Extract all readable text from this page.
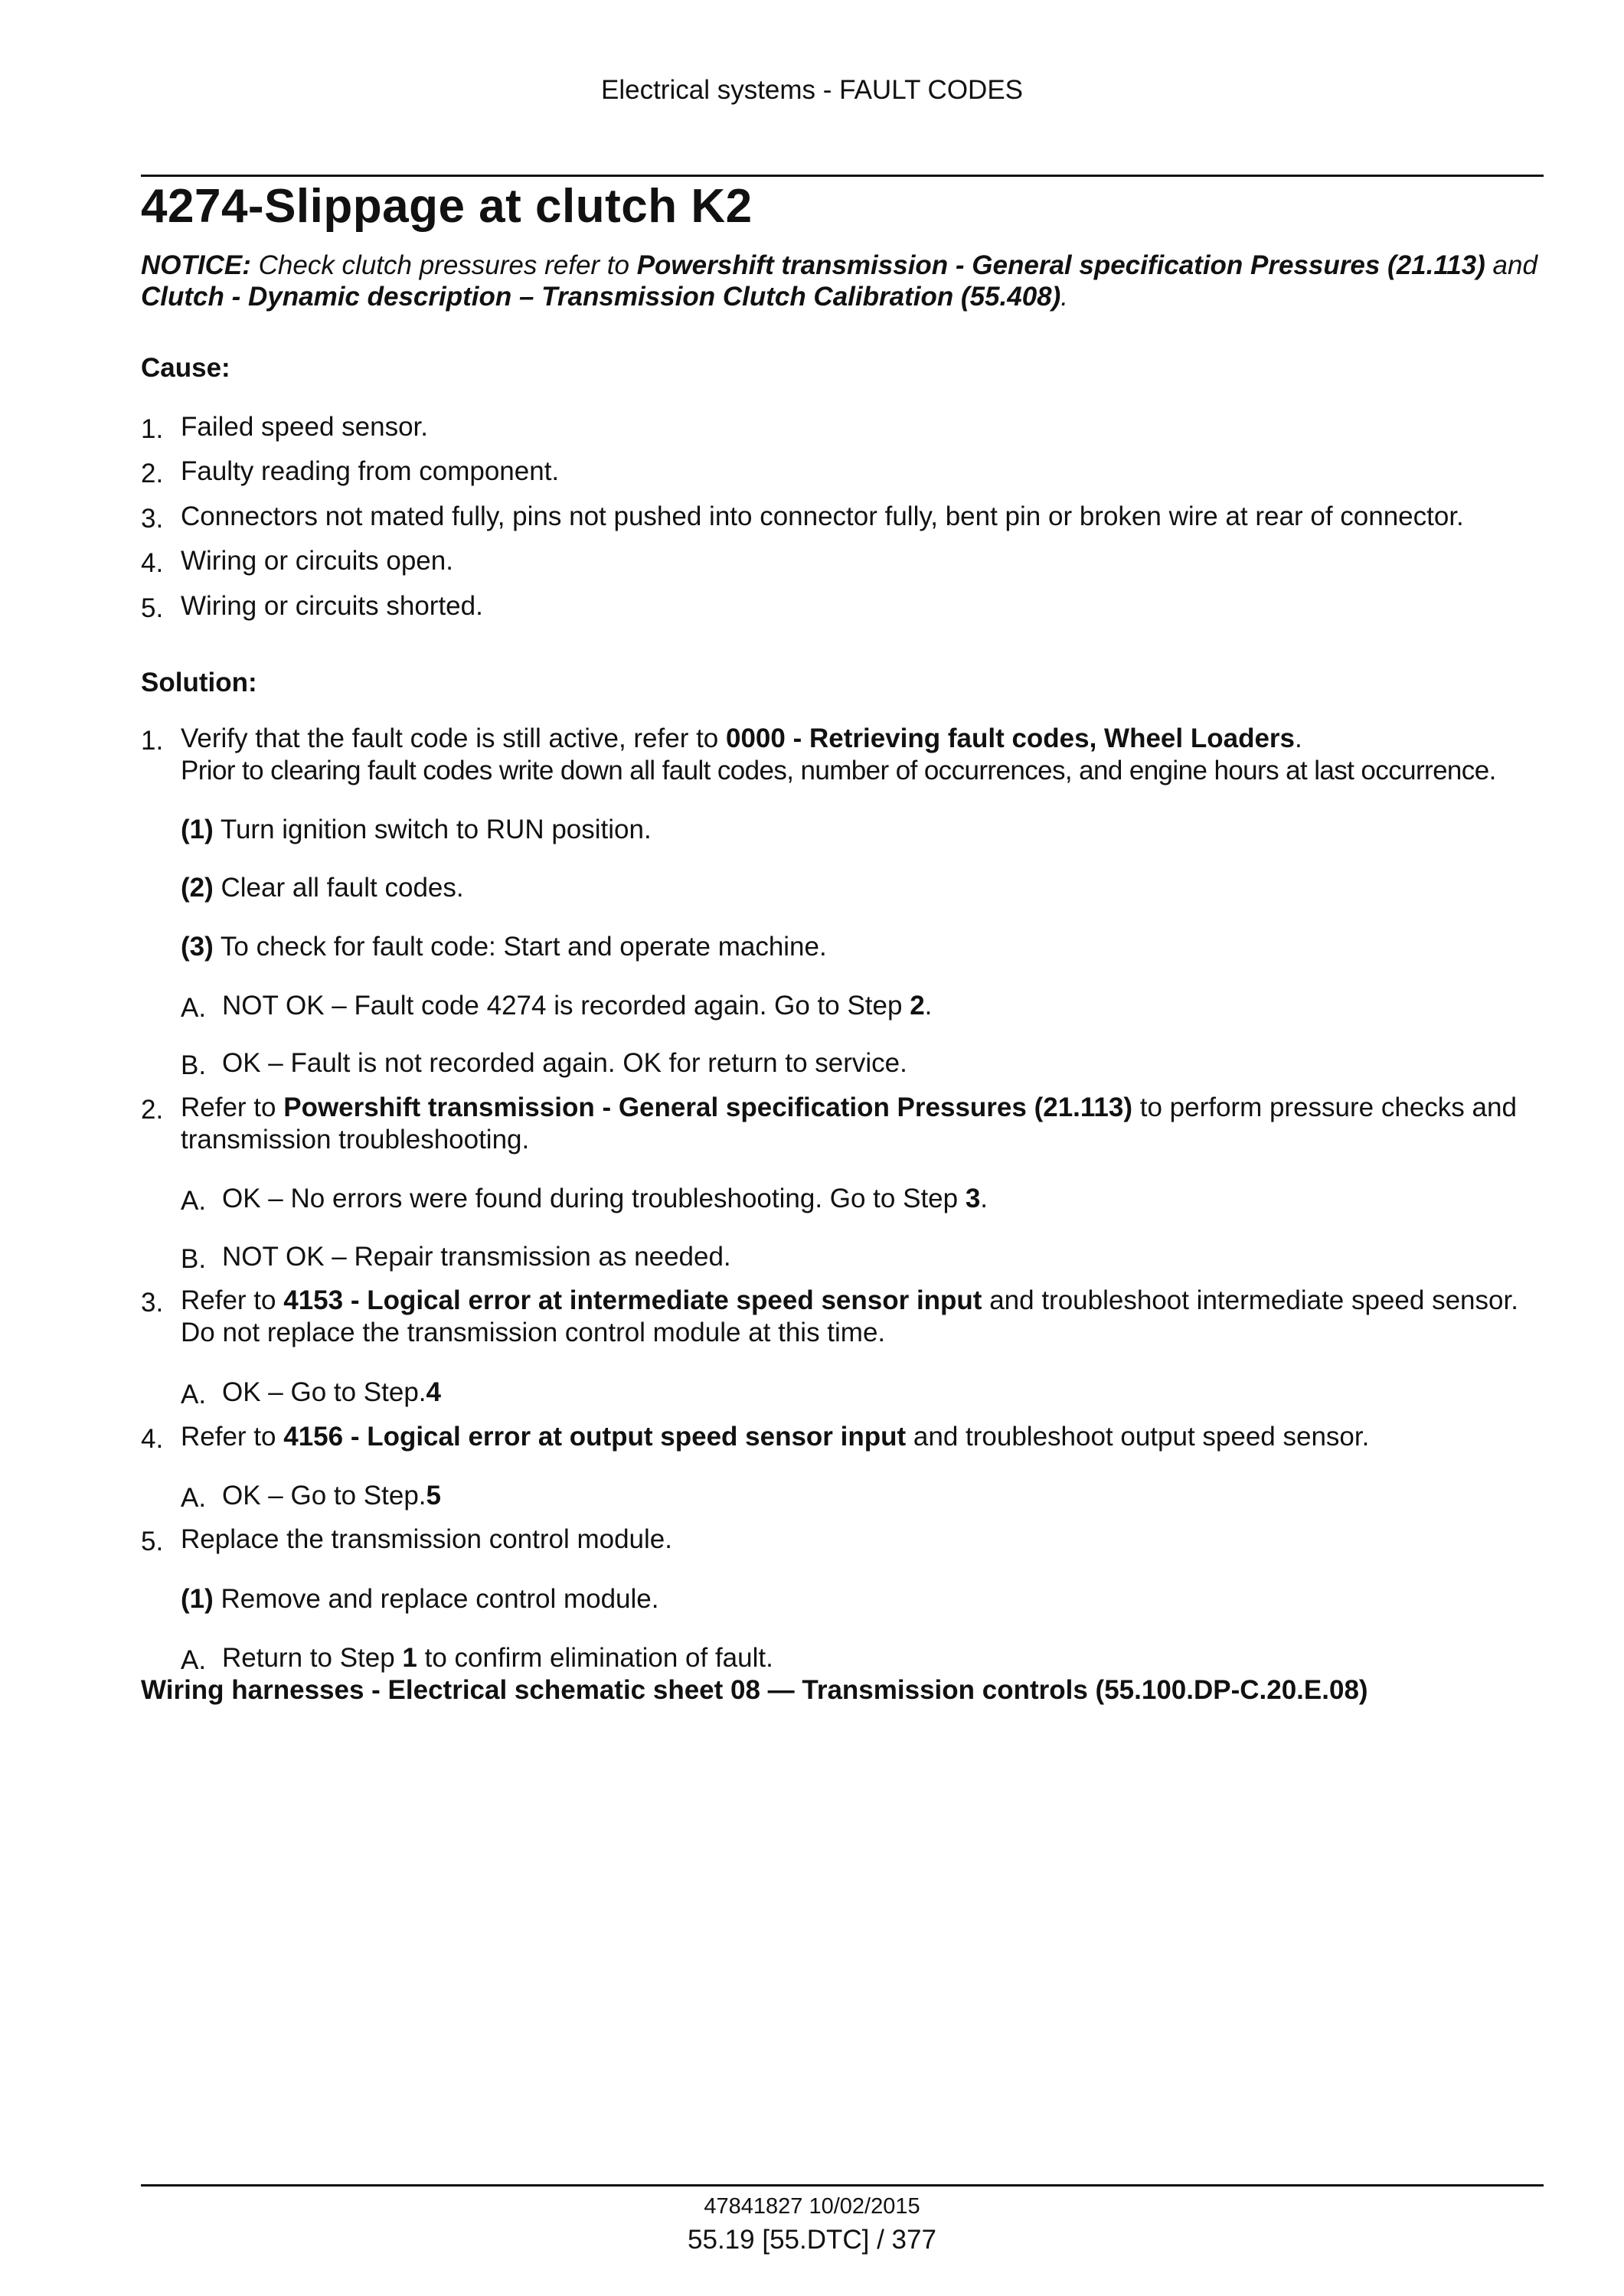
Electrical systems - FAULT CODES
4274-Slippage at clutch K2
NOTICE: Check clutch pressures refer to Powershift transmission - General specification Pressures (21.113) and Clutch - Dynamic description – Transmission Clutch Calibration (55.408).
Cause:
1. Failed speed sensor.
2. Faulty reading from component.
3. Connectors not mated fully, pins not pushed into connector fully, bent pin or broken wire at rear of connector.
4. Wiring or circuits open.
5. Wiring or circuits shorted.
Solution:
1. Verify that the fault code is still active, refer to 0000 - Retrieving fault codes, Wheel Loaders.
Prior to clearing fault codes write down all fault codes, number of occurrences, and engine hours at last occurrence.
(1) Turn ignition switch to RUN position.
(2) Clear all fault codes.
(3) To check for fault code: Start and operate machine.
A. NOT OK – Fault code 4274 is recorded again. Go to Step 2.
B. OK – Fault is not recorded again. OK for return to service.
2. Refer to Powershift transmission - General specification Pressures (21.113) to perform pressure checks and
transmission troubleshooting.
A. OK – No errors were found during troubleshooting. Go to Step 3.
B. NOT OK – Repair transmission as needed.
3. Refer to 4153 - Logical error at intermediate speed sensor input and troubleshoot intermediate speed sensor.
Do not replace the transmission control module at this time.
A. OK – Go to Step.4
4. Refer to 4156 - Logical error at output speed sensor input and troubleshoot output speed sensor.
A. OK – Go to Step.5
5. Replace the transmission control module.
(1) Remove and replace control module.
A. Return to Step 1 to confirm elimination of fault.
Wiring harnesses - Electrical schematic sheet 08 — Transmission controls (55.100.DP-C.20.E.08)
47841827 10/02/2015
55.19 [55.DTC] / 377
